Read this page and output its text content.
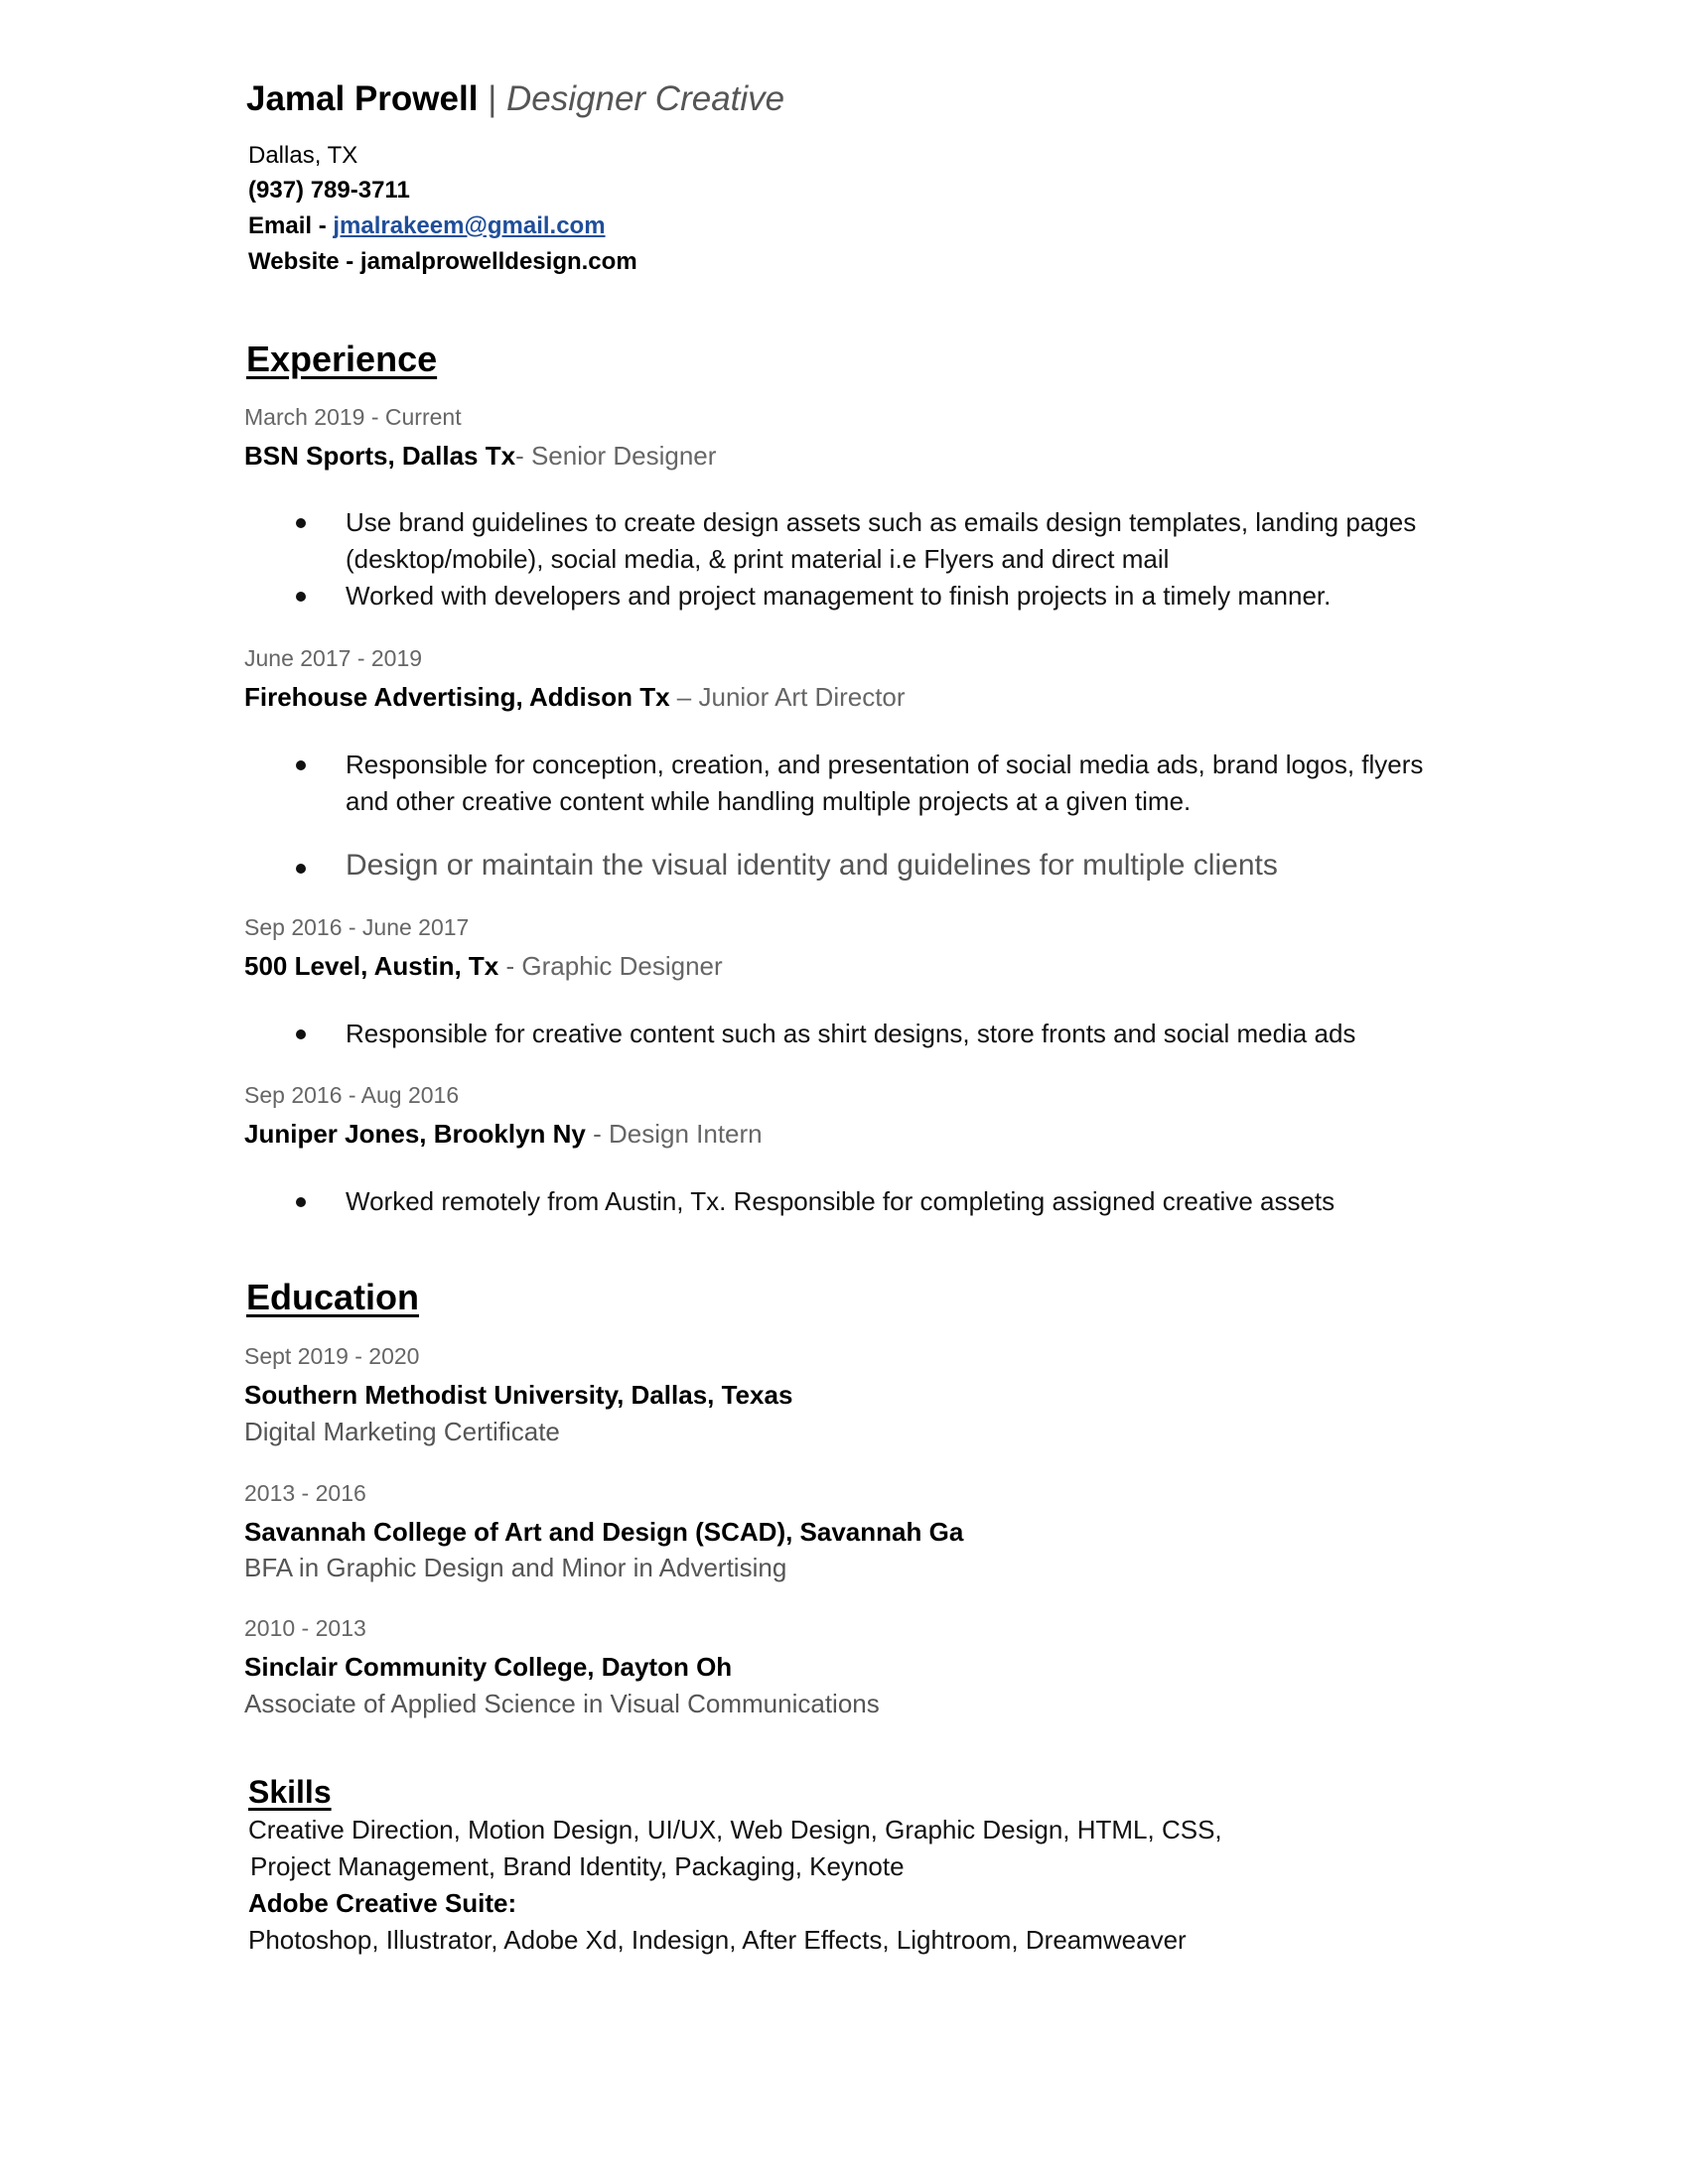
Jamal Prowell | Designer Creative
Dallas, TX
(937) 789-3711
Email - jmalrakeem@gmail.com
Website - jamalprowelldesign.com
Experience
March 2019 - Current
BSN Sports, Dallas Tx- Senior Designer
Use brand guidelines to create design assets such as emails design templates, landing pages (desktop/mobile), social media, & print material i.e Flyers and direct mail
Worked with developers and project management to finish projects in a timely manner.
June 2017 - 2019
Firehouse Advertising, Addison Tx – Junior Art Director
Responsible for conception, creation, and presentation of social media ads, brand logos, flyers and other creative content while handling multiple projects at a given time.
Design or maintain the visual identity and guidelines for multiple clients
Sep 2016 - June 2017
500 Level, Austin, Tx - Graphic Designer
Responsible for creative content such as shirt designs, store fronts and social media ads
Sep 2016 - Aug 2016
Juniper Jones, Brooklyn Ny - Design Intern
Worked remotely from Austin, Tx. Responsible for completing assigned creative assets
Education
Sept 2019 - 2020
Southern Methodist University, Dallas, Texas
Digital Marketing Certificate
2013 - 2016
Savannah College of Art and Design (SCAD), Savannah Ga
BFA in Graphic Design and Minor in Advertising
2010 - 2013
Sinclair Community College, Dayton Oh
Associate of Applied Science in Visual Communications
Skills
Creative Direction, Motion Design, UI/UX, Web Design, Graphic Design, HTML, CSS,
Project Management, Brand Identity, Packaging, Keynote
Adobe Creative Suite:
Photoshop, Illustrator, Adobe Xd, Indesign, After Effects, Lightroom, Dreamweaver
